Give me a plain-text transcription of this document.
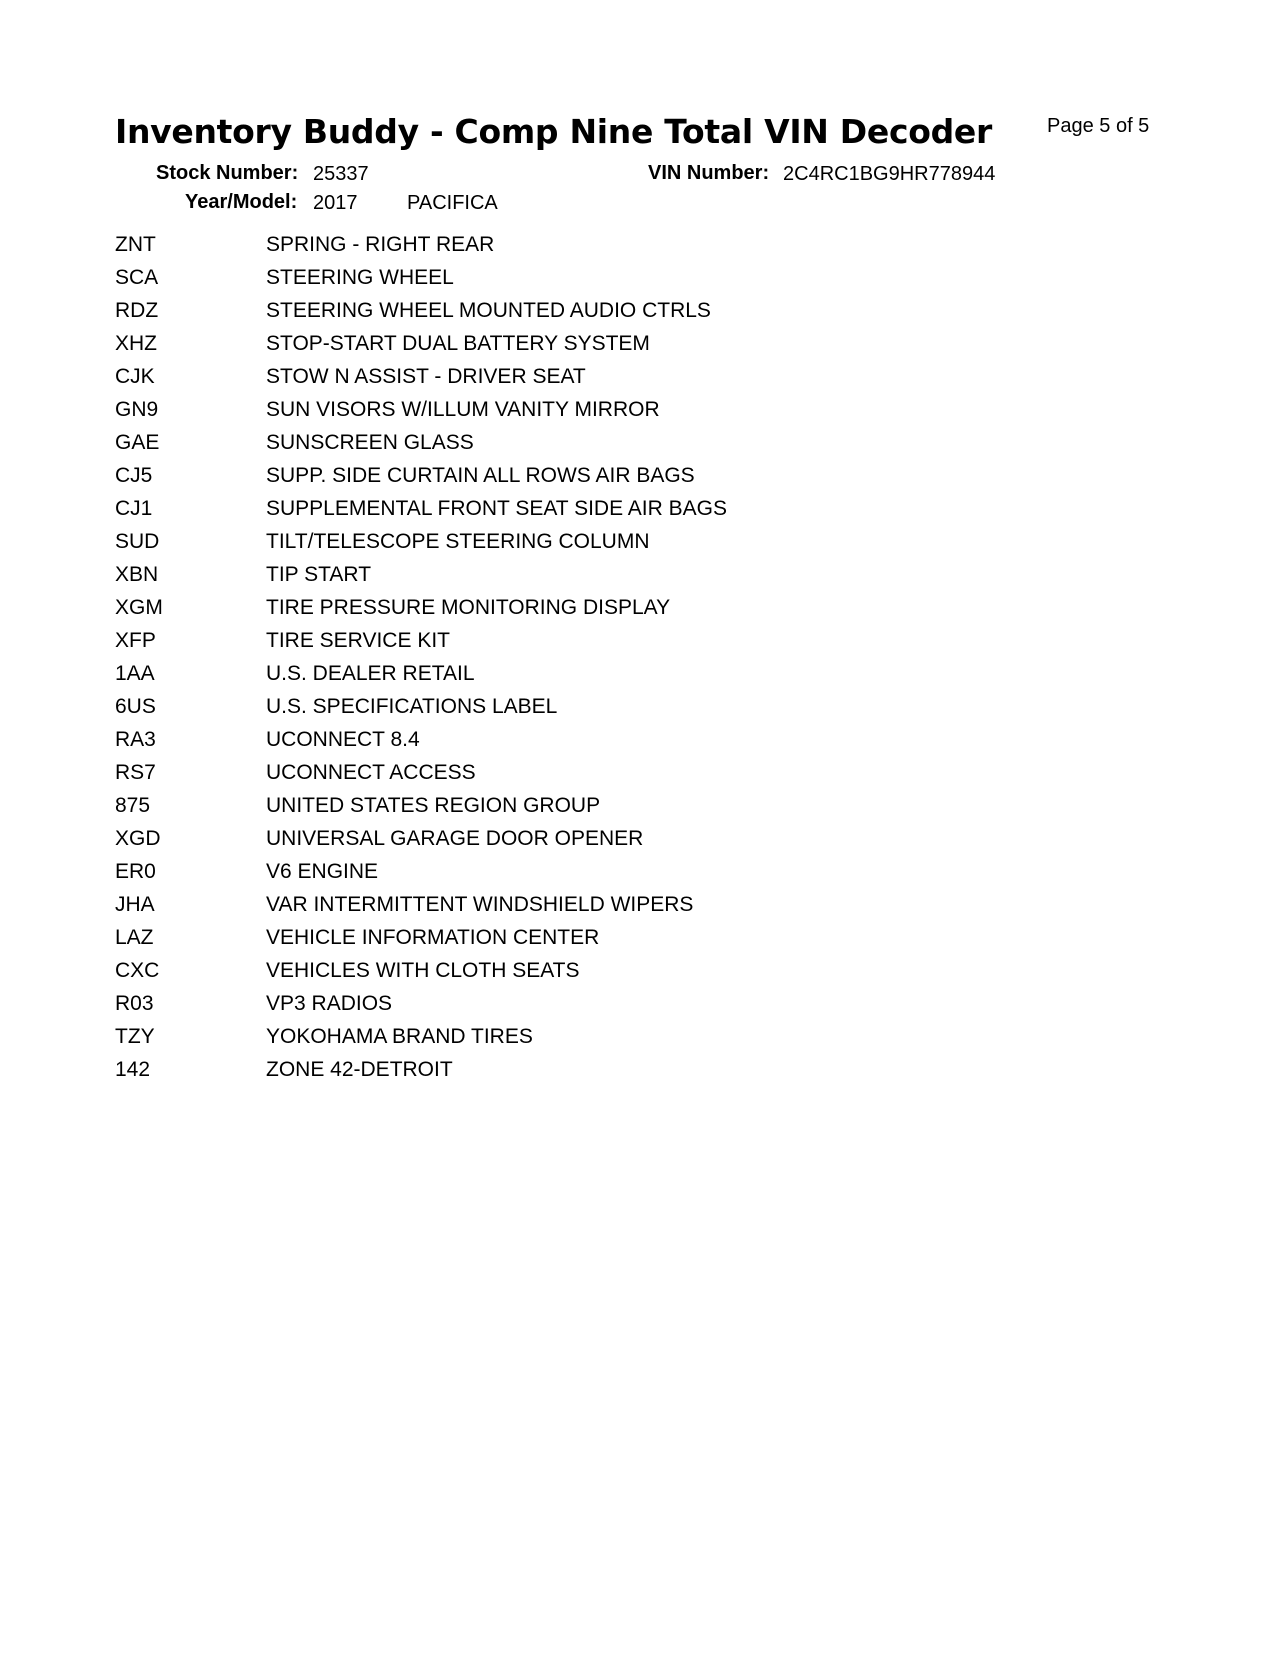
Inventory Buddy - Comp Nine Total VIN Decoder	Page 5 of 5
Stock Number: 25337	VIN Number: 2C4RC1BG9HR778944
Year/Model: 2017 PACIFICA
ZNT	SPRING - RIGHT REAR
SCA	STEERING WHEEL
RDZ	STEERING WHEEL MOUNTED AUDIO CTRLS
XHZ	STOP-START DUAL BATTERY SYSTEM
CJK	STOW N ASSIST - DRIVER SEAT
GN9	SUN VISORS W/ILLUM VANITY MIRROR
GAE	SUNSCREEN GLASS
CJ5	SUPP. SIDE CURTAIN ALL ROWS AIR BAGS
CJ1	SUPPLEMENTAL FRONT SEAT SIDE AIR BAGS
SUD	TILT/TELESCOPE STEERING COLUMN
XBN	TIP START
XGM	TIRE PRESSURE MONITORING DISPLAY
XFP	TIRE SERVICE KIT
1AA	U.S. DEALER RETAIL
6US	U.S. SPECIFICATIONS LABEL
RA3	UCONNECT 8.4
RS7	UCONNECT ACCESS
875	UNITED STATES REGION GROUP
XGD	UNIVERSAL GARAGE DOOR OPENER
ER0	V6 ENGINE
JHA	VAR INTERMITTENT WINDSHIELD WIPERS
LAZ	VEHICLE INFORMATION CENTER
CXC	VEHICLES WITH CLOTH SEATS
R03	VP3 RADIOS
TZY	YOKOHAMA BRAND TIRES
142	ZONE 42-DETROIT
